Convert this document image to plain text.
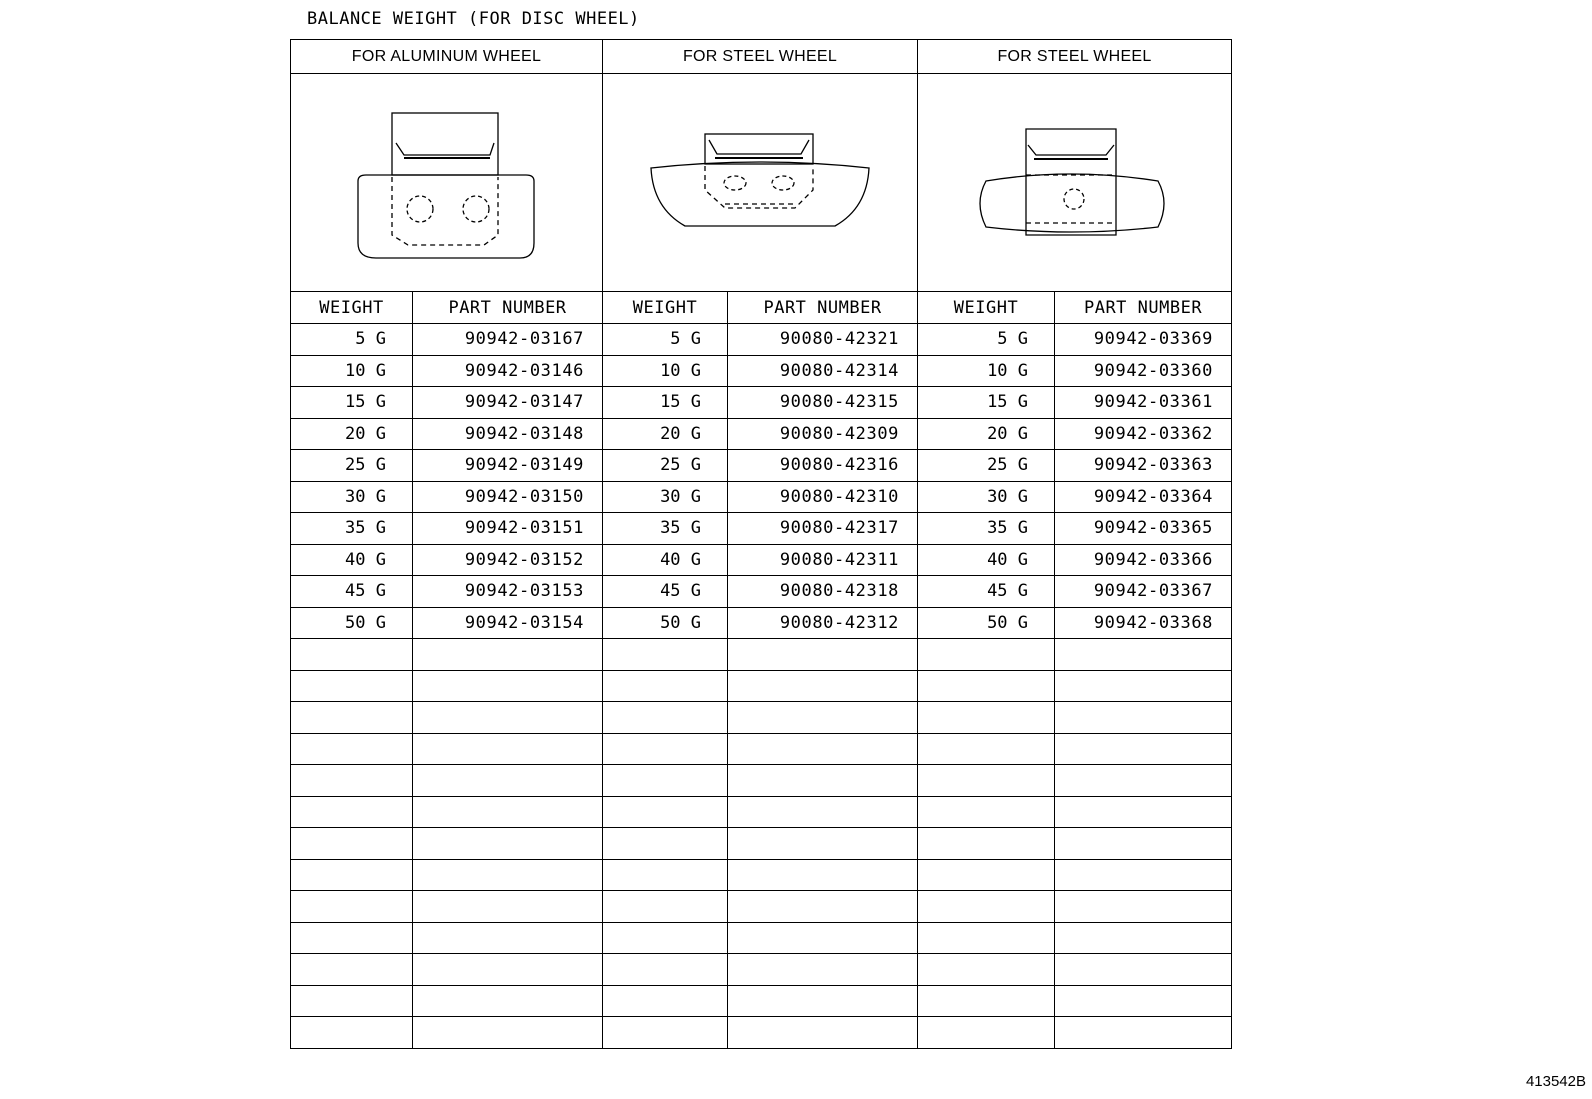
BALANCE WEIGHT (FOR DISC WHEEL)
FOR ALUMINUM WHEEL		FOR STEEL WHEEL		FOR STEEL WHEEL	

WEIGHT	PART NUMBER	WEIGHT	PART NUMBER	WEIGHT	PART NUMBER
5 G	90942-03167	5 G	90080-42321	5 G	90942-03369
10 G	90942-03146	10 G	90080-42314	10 G	90942-03360
15 G	90942-03147	15 G	90080-42315	15 G	90942-03361
20 G	90942-03148	20 G	90080-42309	20 G	90942-03362
25 G	90942-03149	25 G	90080-42316	25 G	90942-03363
30 G	90942-03150	30 G	90080-42310	30 G	90942-03364
35 G	90942-03151	35 G	90080-42317	35 G	90942-03365
40 G	90942-03152	40 G	90080-42311	40 G	90942-03366
45 G	90942-03153	45 G	90080-42318	45 G	90942-03367
50 G	90942-03154	50 G	90080-42312	50 G	90942-03368

413542B
